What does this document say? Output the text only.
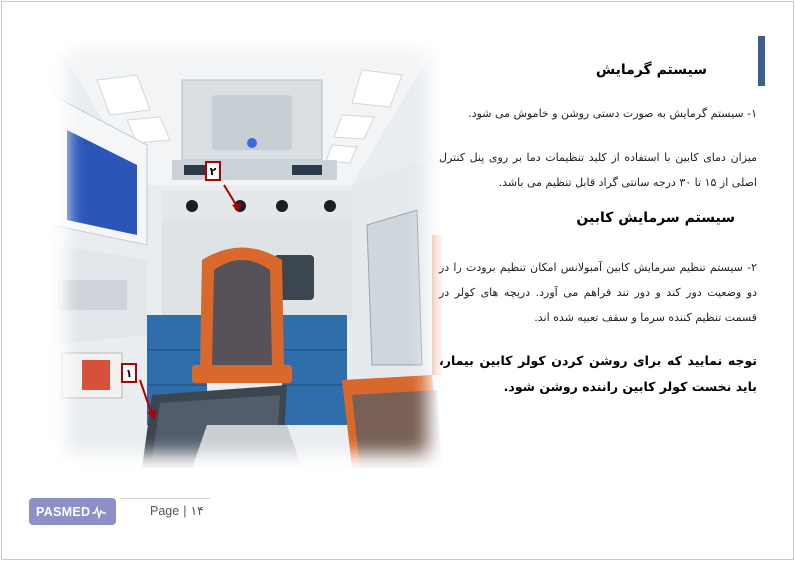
۲
۱
سیستم گرمایش
۱- سیستم گرمایش به صورت دستی روشن و خاموش می شود.
میزان دمای کابین با استفاده از کلید تنظیمات دما بر روی پنل کنترل اصلی از ۱۵ تا ۳۰ درجه سانتی گراد قابل تنظیم می باشد.
سیستم سرمایش کابین
۲- سیستم تنظیم سرمایش کابین آمبولانس امکان تنظیم برودت را در دو وضعیت دور کند و دور تند فراهم می آورد. دریچه های کولر در قسمت تنظیم کننده سرما و سقف تعبیه شده اند.
توجه نمایید که برای روشن کردن کولر کابین بیمار، باید نخست کولر کابین راننده روشن شود.
PASMED	Page | ۱۴
